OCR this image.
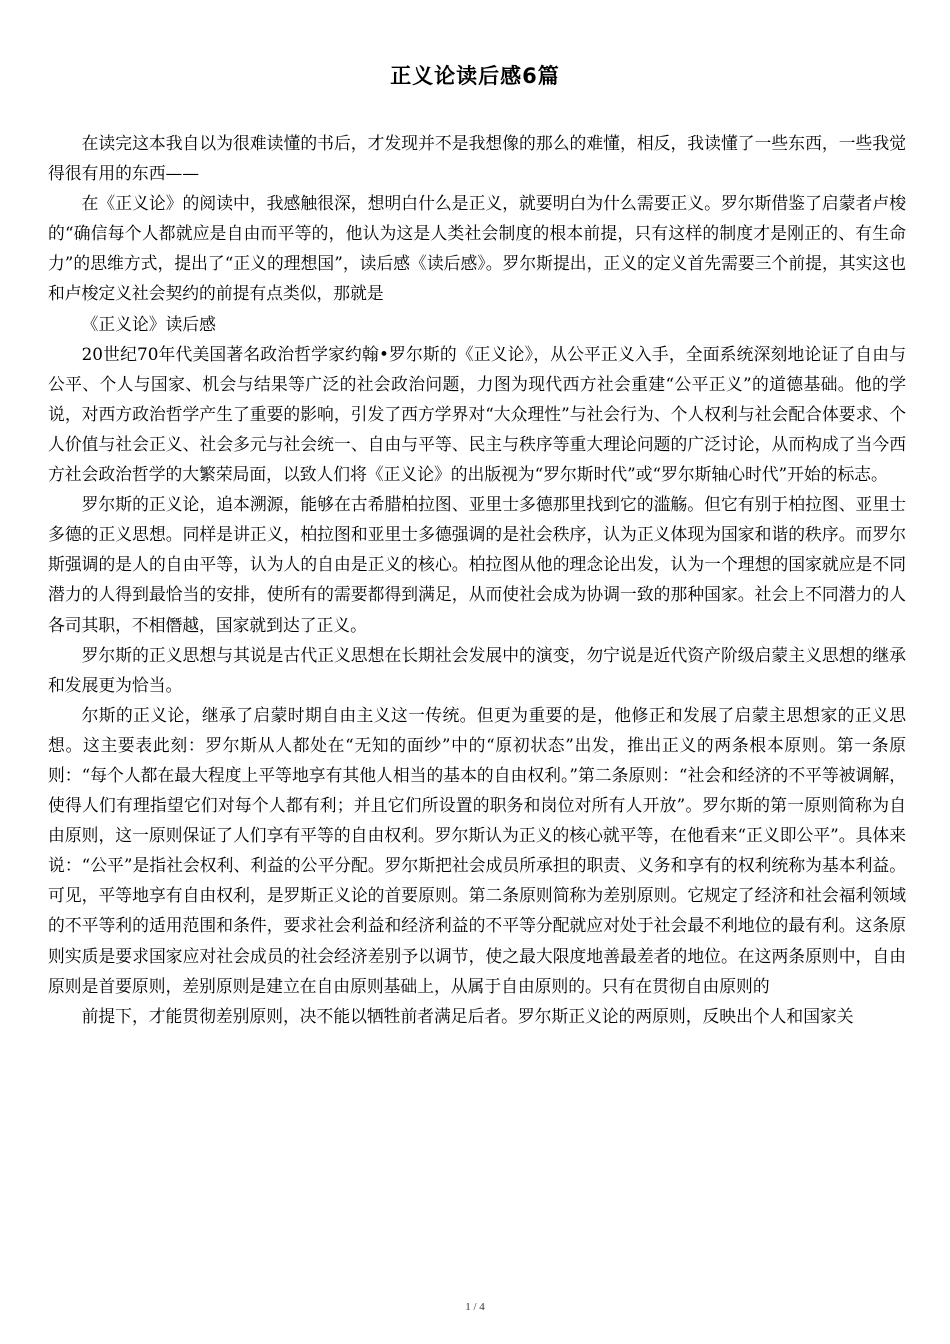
正义论读后感6篇

在读完这本我自以为很难读懂的书后，才发现并不是我想像的那么的难懂，相反，我读懂了一些东西，一些我觉得很有用的东西——

在《正义论》的阅读中，我感触很深，想明白什么是正义，就要明白为什么需要正义。罗尔斯借鉴了启蒙者卢梭的“确信每个人都就应是自由而平等的，他认为这是人类社会制度的根本前提，只有这样的制度才是刚正的、有生命力”的思维方式，提出了“正义的理想国”，读后感《读后感》。罗尔斯提出，正义的定义首先需要三个前提，其实这也和卢梭定义社会契约的前提有点类似，那就是

《正义论》读后感

20世纪70年代美国著名政治哲学家约翰•罗尔斯的《正义论》，从公平正义入手，全面系统深刻地论证了自由与公平、个人与国家、机会与结果等广泛的社会政治问题，力图为现代西方社会重建“公平正义”的道德基础。他的学说，对西方政治哲学产生了重要的影响，引发了西方学界对“大众理性”与社会行为、个人权利与社会配合体要求、个人价值与社会正义、社会多元与社会统一、自由与平等、民主与秩序等重大理论问题的广泛讨论，从而构成了当今西方社会政治哲学的大繁荣局面，以致人们将《正义论》的出版视为“罗尔斯时代”或“罗尔斯轴心时代”开始的标志。

罗尔斯的正义论，追本溯源，能够在古希腊柏拉图、亚里士多德那里找到它的滥觞。但它有别于柏拉图、亚里士多德的正义思想。同样是讲正义，柏拉图和亚里士多德强调的是社会秩序，认为正义体现为国家和谐的秩序。而罗尔斯强调的是人的自由平等，认为人的自由是正义的核心。柏拉图从他的理念论出发，认为一个理想的国家就应是不同潜力的人得到最恰当的安排，使所有的需要都得到满足，从而使社会成为协调一致的那种国家。社会上不同潜力的人各司其职，不相僭越，国家就到达了正义。

罗尔斯的正义思想与其说是古代正义思想在长期社会发展中的演变，勿宁说是近代资产阶级启蒙主义思想的继承和发展更为恰当。

尔斯的正义论，继承了启蒙时期自由主义这一传统。但更为重要的是，他修正和发展了启蒙主思想家的正义思想。这主要表此刻：罗尔斯从人都处在“无知的面纱”中的“原初状态”出发，推出正义的两条根本原则。第一条原则：“每个人都在最大程度上平等地享有其他人相当的基本的自由权利。”第二条原则：“社会和经济的不平等被调解，使得人们有理指望它们对每个人都有利；并且它们所设置的职务和岗位对所有人开放”。罗尔斯的第一原则简称为自由原则，这一原则保证了人们享有平等的自由权利。罗尔斯认为正义的核心就平等，在他看来“正义即公平”。具体来说：“公平”是指社会权利、利益的公平分配。罗尔斯把社会成员所承担的职责、义务和享有的权利统称为基本利益。可见，平等地享有自由权利，是罗斯正义论的首要原则。第二条原则简称为差别原则。它规定了经济和社会福利领域的不平等利的适用范围和条件，要求社会利益和经济利益的不平等分配就应对处于社会最不利地位的最有利。这条原则实质是要求国家应对社会成员的社会经济差别予以调节，使之最大限度地善最差者的地位。在这两条原则中，自由原则是首要原则，差别原则是建立在自由原则基础上，从属于自由原则的。只有在贯彻自由原则的

前提下，才能贯彻差别原则，决不能以牺牲前者满足后者。罗尔斯正义论的两原则，反映出个人和国家关

1 / 4
